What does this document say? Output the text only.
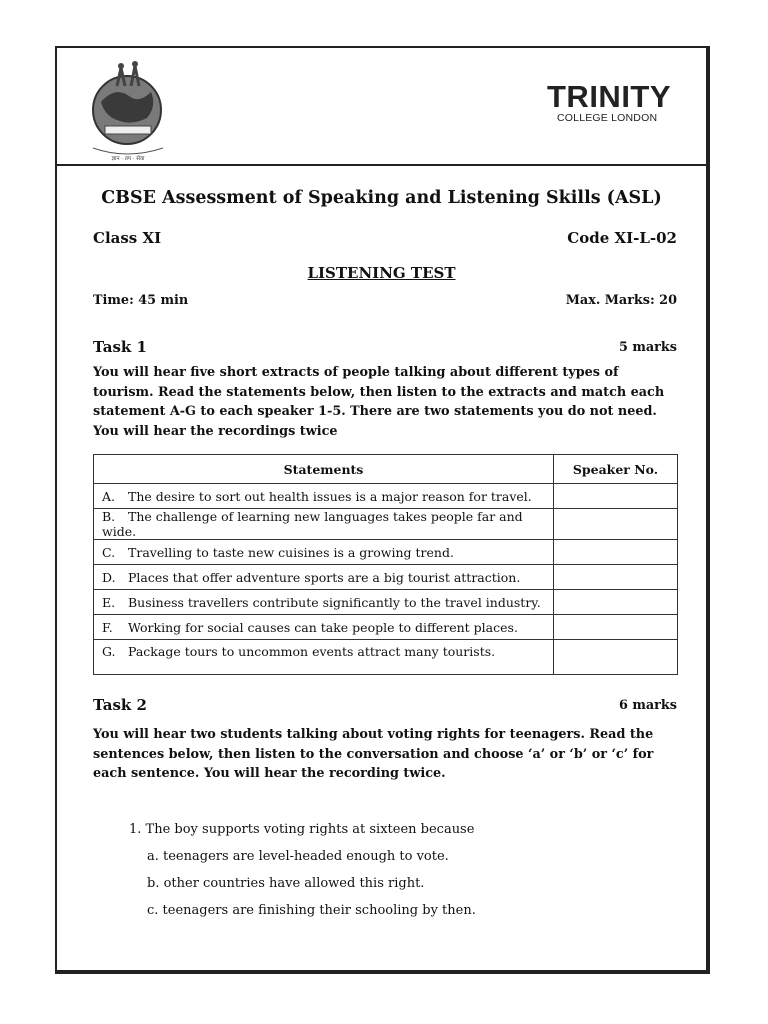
ज्ञान · तप · सेवा
TRINITY
COLLEGE LONDON
CBSE Assessment of Speaking and Listening Skills (ASL)
Class XI	Code XI-L-02
LISTENING TEST
Time: 45 min	Max. Marks: 20
Task 1	5 marks
You will hear five short extracts of people talking about different types of tourism. Read the statements below, then listen to the extracts and match each statement A-G to each speaker 1-5. There are two statements you do not need. You will hear the recordings twice
Statements	Speaker No.
A. The desire to sort out health issues is a major reason for travel.	
B. The challenge of learning new languages takes people far and wide.	
C. Travelling to taste new cuisines is a growing trend.	
D. Places that offer adventure sports are a big tourist attraction.	
E. Business travellers contribute significantly to the travel industry.	
F. Working for social causes can take people to different places.	
G. Package tours to uncommon events attract many tourists.	
Task 2	6 marks
You will hear two students talking about voting rights for teenagers. Read the sentences below, then listen to the conversation and choose ‘a’ or ‘b’ or ‘c’ for each sentence. You will hear the recording twice.
1. The boy supports voting rights at sixteen because
a. teenagers are level-headed enough to vote.
b. other countries have allowed this right.
c. teenagers are finishing their schooling by then.
